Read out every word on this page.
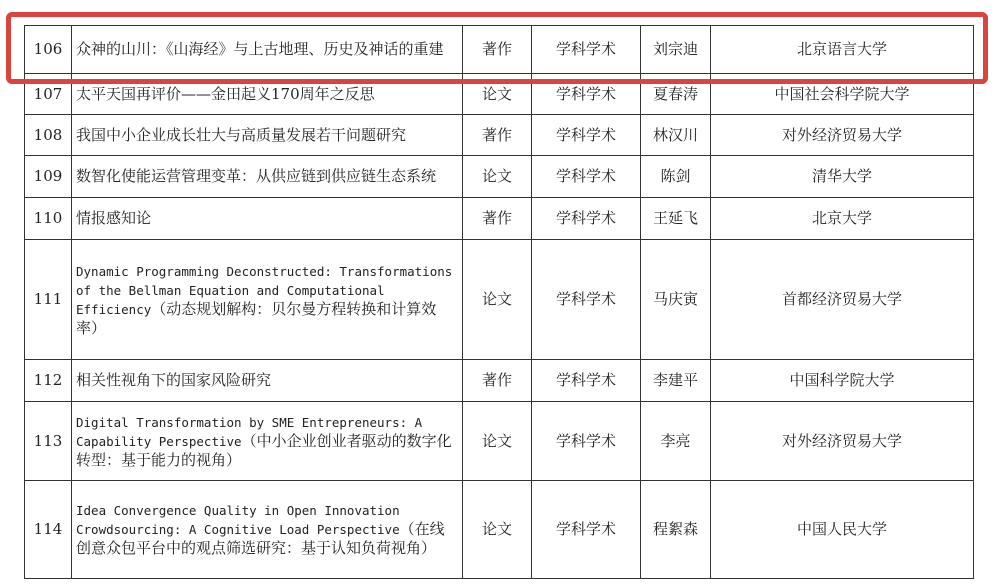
106	众神的山川：《山海经》与上古地理、历史及神话的重建	著作	学科学术	刘宗迪	北京语言大学
107	太平天国再评价——金田起义170周年之反思	论文	学科学术	夏春涛	中国社会科学院大学
108	我国中小企业成长壮大与高质量发展若干问题研究	著作	学科学术	林汉川	对外经济贸易大学
109	数智化使能运营管理变革：从供应链到供应链生态系统	论文	学科学术	陈剑	清华大学
110	情报感知论	著作	学科学术	王延飞	北京大学
111	Dynamic Programming Deconstructed: Transformations of the Bellman Equation and Computational Efficiency（动态规划解构：贝尔曼方程转换和计算效率）	论文	学科学术	马庆寅	首都经济贸易大学
112	相关性视角下的国家风险研究	著作	学科学术	李建平	中国科学院大学
113	Digital Transformation by SME Entrepreneurs: A Capability Perspective（中小企业创业者驱动的数字化转型：基于能力的视角）	论文	学科学术	李亮	对外经济贸易大学
114	Idea Convergence Quality in Open Innovation Crowdsourcing: A Cognitive Load Perspective（在线创意众包平台中的观点筛选研究：基于认知负荷视角）	论文	学科学术	程絮森	中国人民大学
